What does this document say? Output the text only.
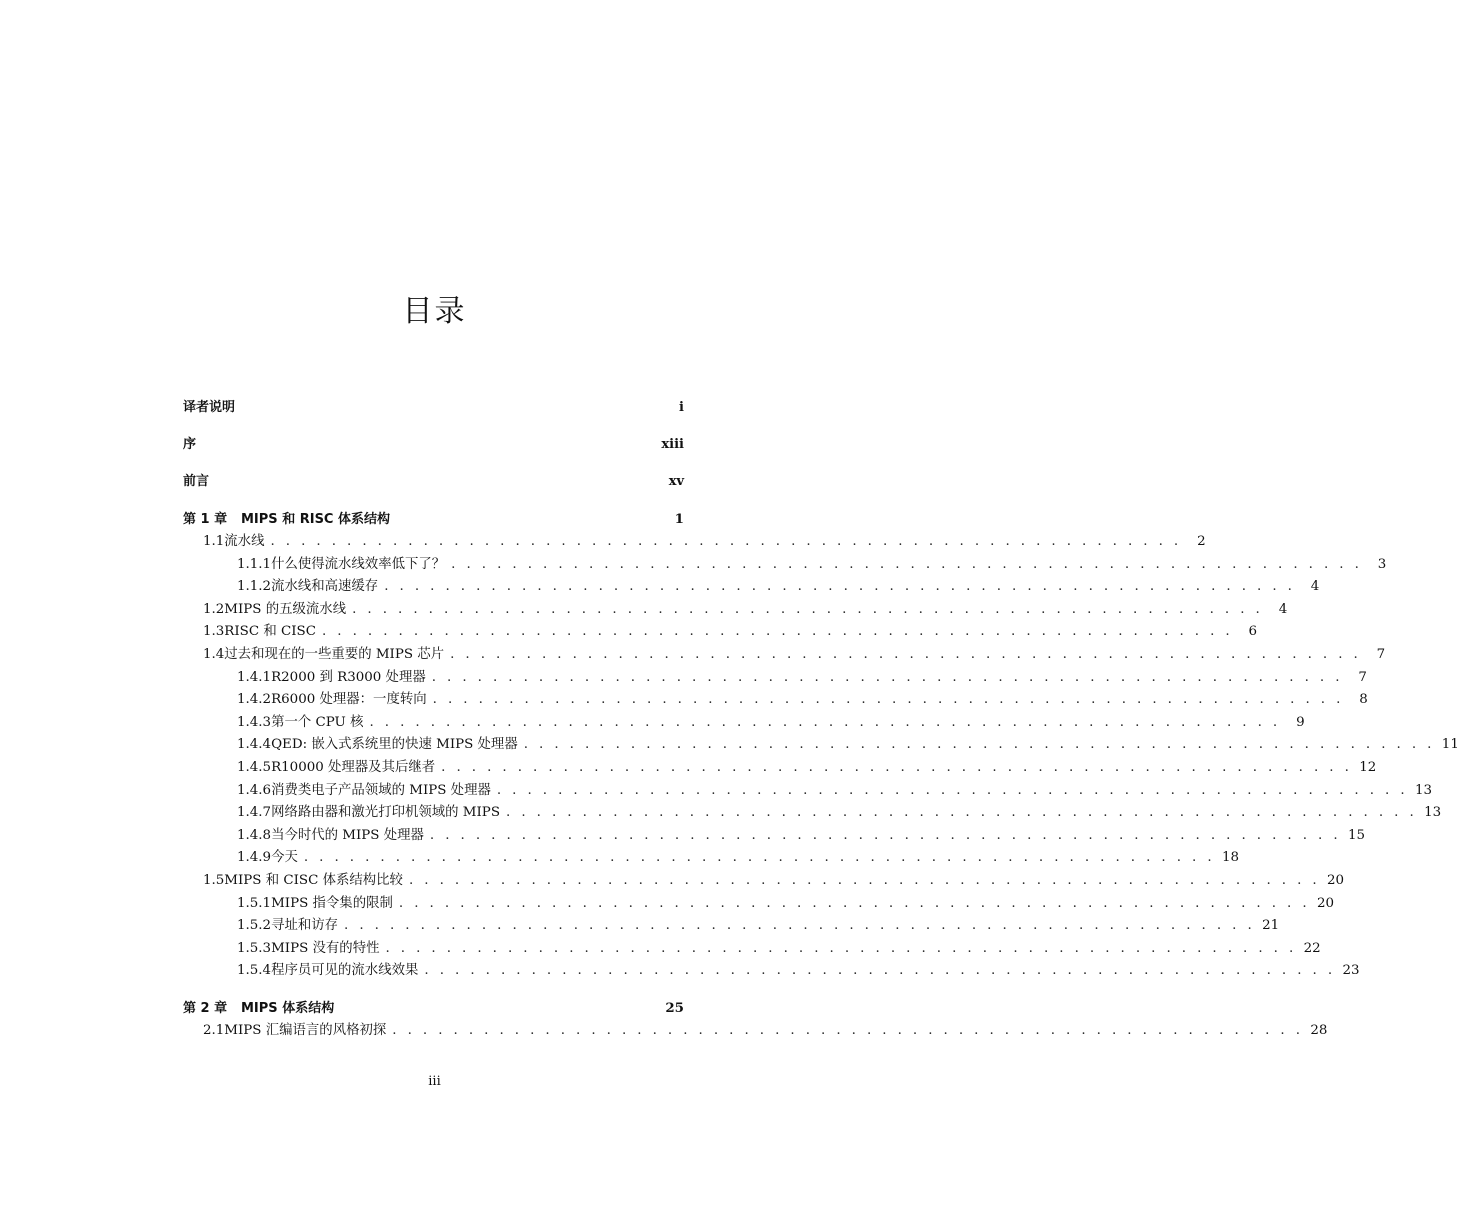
目录
译者说明	i
序	xiii
前言	xv
第 1 章	MIPS 和 RISC 体系结构	1
1.1 流水线 . . . . . . . . . . . . . . . . . . . . . . . . . . . . . . . . . . . . . . . . . . . . . . . . . . . . . . . . . . . .	2
1.1.1 什么使得流水线效率低下了？ . . . . . . . . . . . . . . . . . . . . . . . . . . . . . . . . . . . . . . . . . . . . . . . . . . . . . . . . . . . .	3
1.1.2 流水线和高速缓存 . . . . . . . . . . . . . . . . . . . . . . . . . . . . . . . . . . . . . . . . . . . . . . . . . . . . . . . . . . . .	4
1.2 MIPS 的五级流水线 . . . . . . . . . . . . . . . . . . . . . . . . . . . . . . . . . . . . . . . . . . . . . . . . . . . . . . . . . . . .	4
1.3 RISC 和 CISC . . . . . . . . . . . . . . . . . . . . . . . . . . . . . . . . . . . . . . . . . . . . . . . . . . . . . . . . . . . .	6
1.4 过去和现在的一些重要的 MIPS 芯片 . . . . . . . . . . . . . . . . . . . . . . . . . . . . . . . . . . . . . . . . . . . . . . . . . . . . . . . . . . . .	7
1.4.1 R2000 到 R3000 处理器 . . . . . . . . . . . . . . . . . . . . . . . . . . . . . . . . . . . . . . . . . . . . . . . . . . . . . . . . . . . .	7
1.4.2 R6000 处理器：一度转向 . . . . . . . . . . . . . . . . . . . . . . . . . . . . . . . . . . . . . . . . . . . . . . . . . . . . . . . . . . . .	8
1.4.3 第一个 CPU 核 . . . . . . . . . . . . . . . . . . . . . . . . . . . . . . . . . . . . . . . . . . . . . . . . . . . . . . . . . . . .	9
1.4.4 QED: 嵌入式系统里的快速 MIPS 处理器 . . . . . . . . . . . . . . . . . . . . . . . . . . . . . . . . . . . . . . . . . . . . . . . . . . . . . . . . . . . . 11
1.4.5 R10000 处理器及其后继者 . . . . . . . . . . . . . . . . . . . . . . . . . . . . . . . . . . . . . . . . . . . . . . . . . . . . . . . . . . . . 12
1.4.6 消费类电子产品领域的 MIPS 处理器 . . . . . . . . . . . . . . . . . . . . . . . . . . . . . . . . . . . . . . . . . . . . . . . . . . . . . . . . . . . . 13
1.4.7 网络路由器和激光打印机领域的 MIPS . . . . . . . . . . . . . . . . . . . . . . . . . . . . . . . . . . . . . . . . . . . . . . . . . . . . . . . . . . . . 13
1.4.8 当今时代的 MIPS 处理器 . . . . . . . . . . . . . . . . . . . . . . . . . . . . . . . . . . . . . . . . . . . . . . . . . . . . . . . . . . . . 15
1.4.9 今天 . . . . . . . . . . . . . . . . . . . . . . . . . . . . . . . . . . . . . . . . . . . . . . . . . . . . . . . . . . . . 18
1.5 MIPS 和 CISC 体系结构比较 . . . . . . . . . . . . . . . . . . . . . . . . . . . . . . . . . . . . . . . . . . . . . . . . . . . . . . . . . . . . 20
1.5.1 MIPS 指令集的限制 . . . . . . . . . . . . . . . . . . . . . . . . . . . . . . . . . . . . . . . . . . . . . . . . . . . . . . . . . . . . 20
1.5.2 寻址和访存 . . . . . . . . . . . . . . . . . . . . . . . . . . . . . . . . . . . . . . . . . . . . . . . . . . . . . . . . . . . . 21
1.5.3 MIPS 没有的特性 . . . . . . . . . . . . . . . . . . . . . . . . . . . . . . . . . . . . . . . . . . . . . . . . . . . . . . . . . . . . 22
1.5.4 程序员可见的流水线效果 . . . . . . . . . . . . . . . . . . . . . . . . . . . . . . . . . . . . . . . . . . . . . . . . . . . . . . . . . . . . 23
第 2 章	MIPS 体系结构	25
2.1 MIPS 汇编语言的风格初探 . . . . . . . . . . . . . . . . . . . . . . . . . . . . . . . . . . . . . . . . . . . . . . . . . . . . . . . . . . . . 28
iii
